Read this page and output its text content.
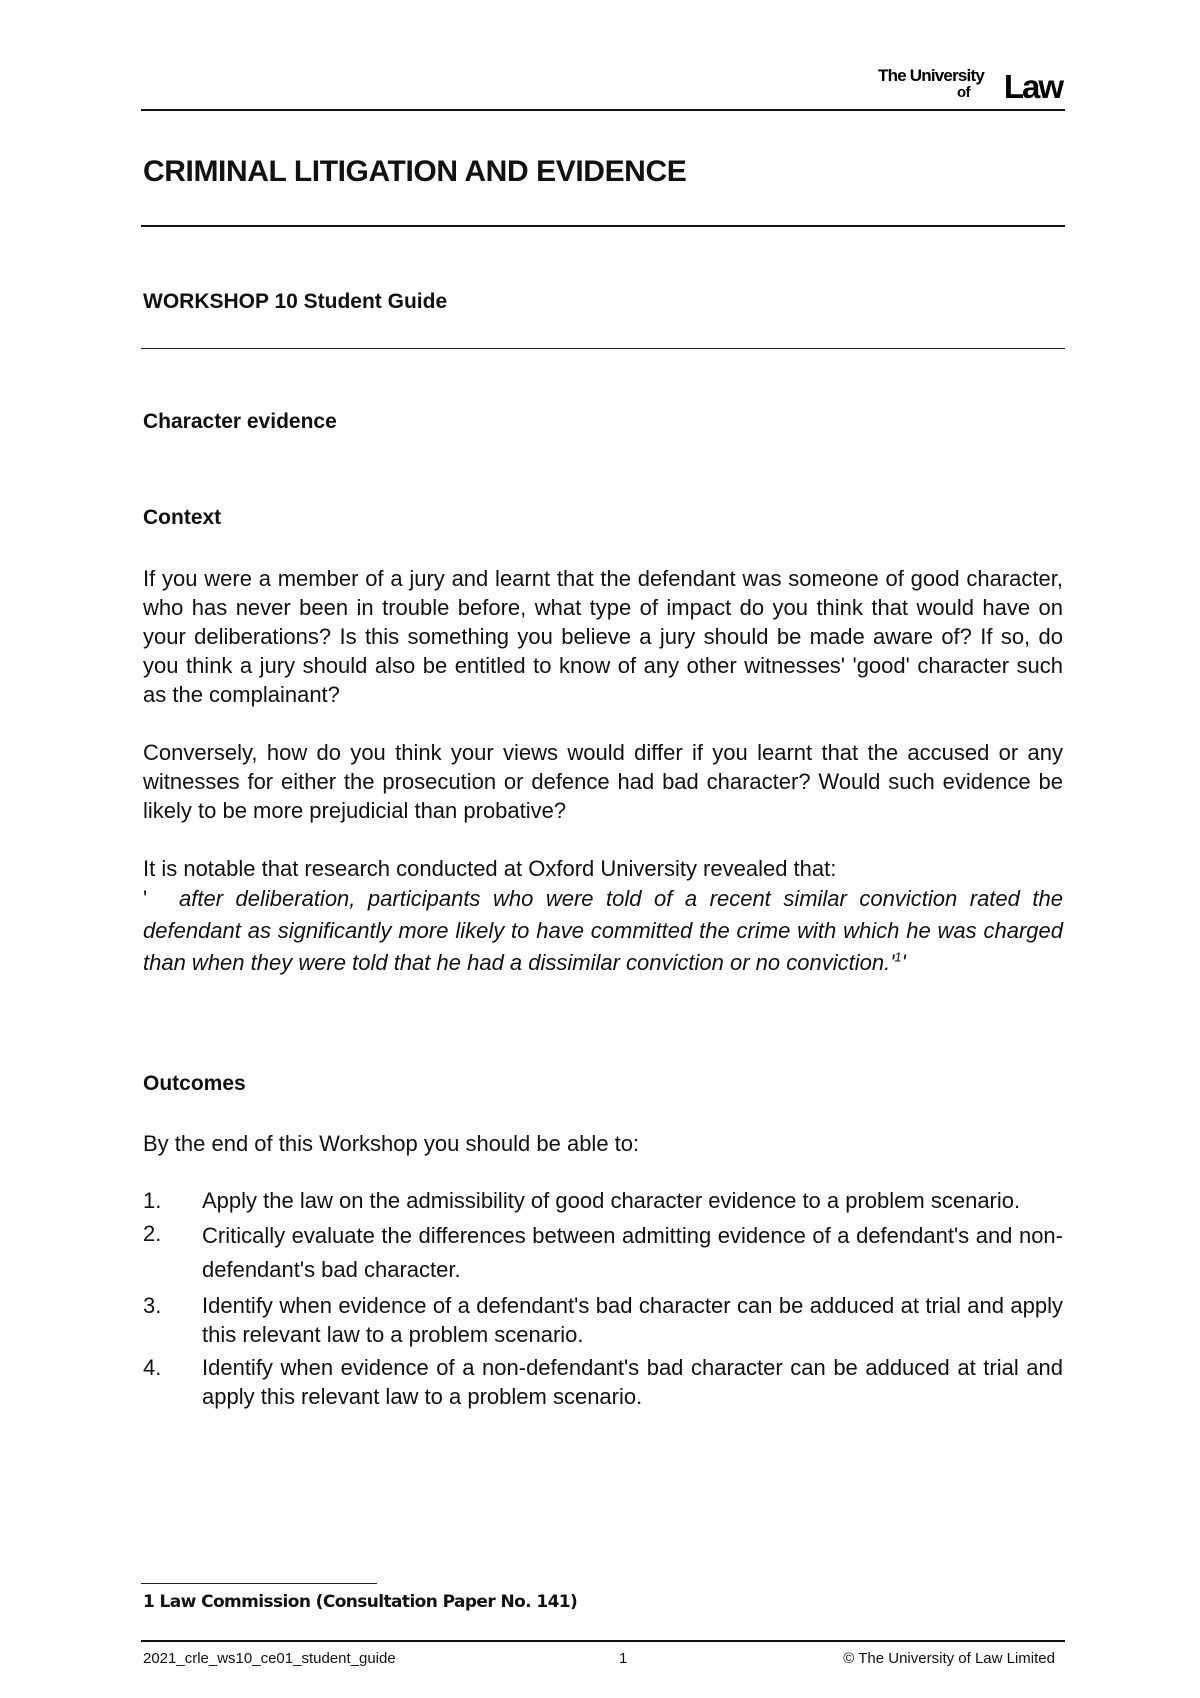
The University
of Law
CRIMINAL LITIGATION AND EVIDENCE
WORKSHOP 10 Student Guide
Character evidence
Context

If you were a member of a jury and learnt that the defendant was someone of good character, who has never been in trouble before, what type of impact do you think that would have on your deliberations? Is this something you believe a jury should be made aware of? If so, do you think a jury should also be entitled to know of any other witnesses' 'good' character such as the complainant?

Conversely, how do you think your views would differ if you learnt that the accused or any witnesses for either the prosecution or defence had bad character? Would such evidence be likely to be more prejudicial than probative?

It is notable that research conducted at Oxford University revealed that:

' after deliberation, participants who were told of a recent similar conviction rated the defendant as significantly more likely to have committed the crime with which he was charged than when they were told that he had a dissimilar conviction or no $conviction.'^1'$

Outcomes

By the end of this Workshop you should be able to:

1. Apply the law on the admissibility of good character evidence to a problem scenario.
2. Critically evaluate the differences between admitting evidence of a defendant's and non-defendant's bad character.
3. Identify when evidence of a defendant's bad character can be adduced at trial and apply this relevant law to a problem scenario.
4. Identify when evidence of a non-defendant's bad character can be adduced at trial and apply this relevant law to a problem scenario.
1 Law Commission (Consultation Paper No. 141)
2021_crle_ws10_ce01_student_guide	1	© The University of Law Limited
